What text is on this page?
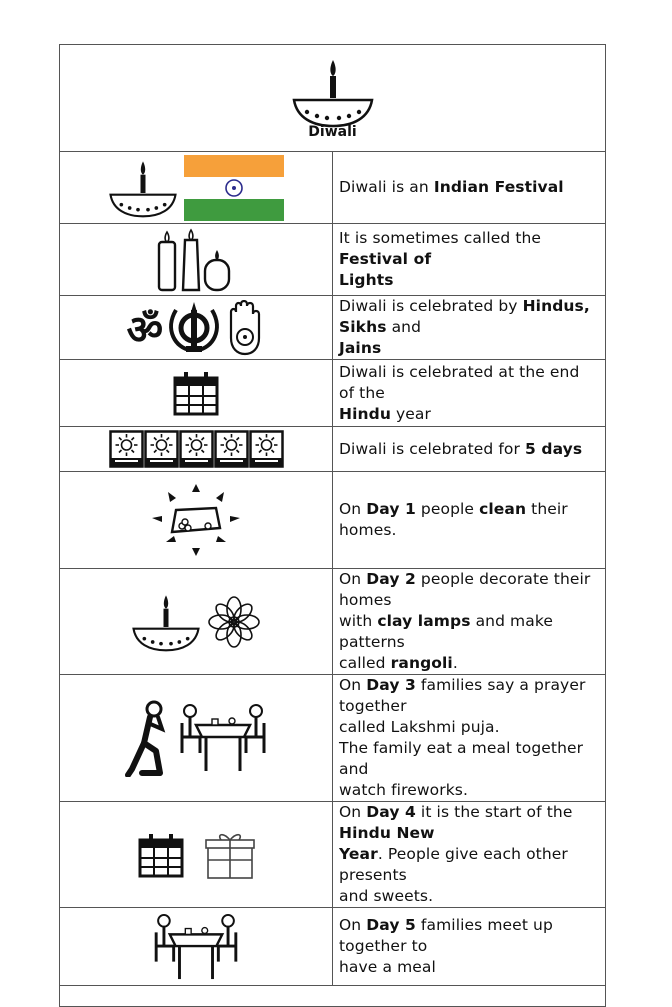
Diwali	

Diwali is an Indian Festival

It is sometimes called the Festival of
Lights

ॐ	Diwali is celebrated by Hindus, Sikhs and
Jains

Diwali is celebrated at the end of the
Hindu year

Diwali is celebrated for 5 days

On Day 1 people clean their homes.

On Day 2 people decorate their homes
with clay lamps and make patterns
called rangoli.

On Day 3 families say a prayer together
called Lakshmi puja.
The family eat a meal together and
watch fireworks.

On Day 4 it is the start of the Hindu New
Year. People give each other presents
and sweets.

On Day 5 families meet up together to
have a meal
